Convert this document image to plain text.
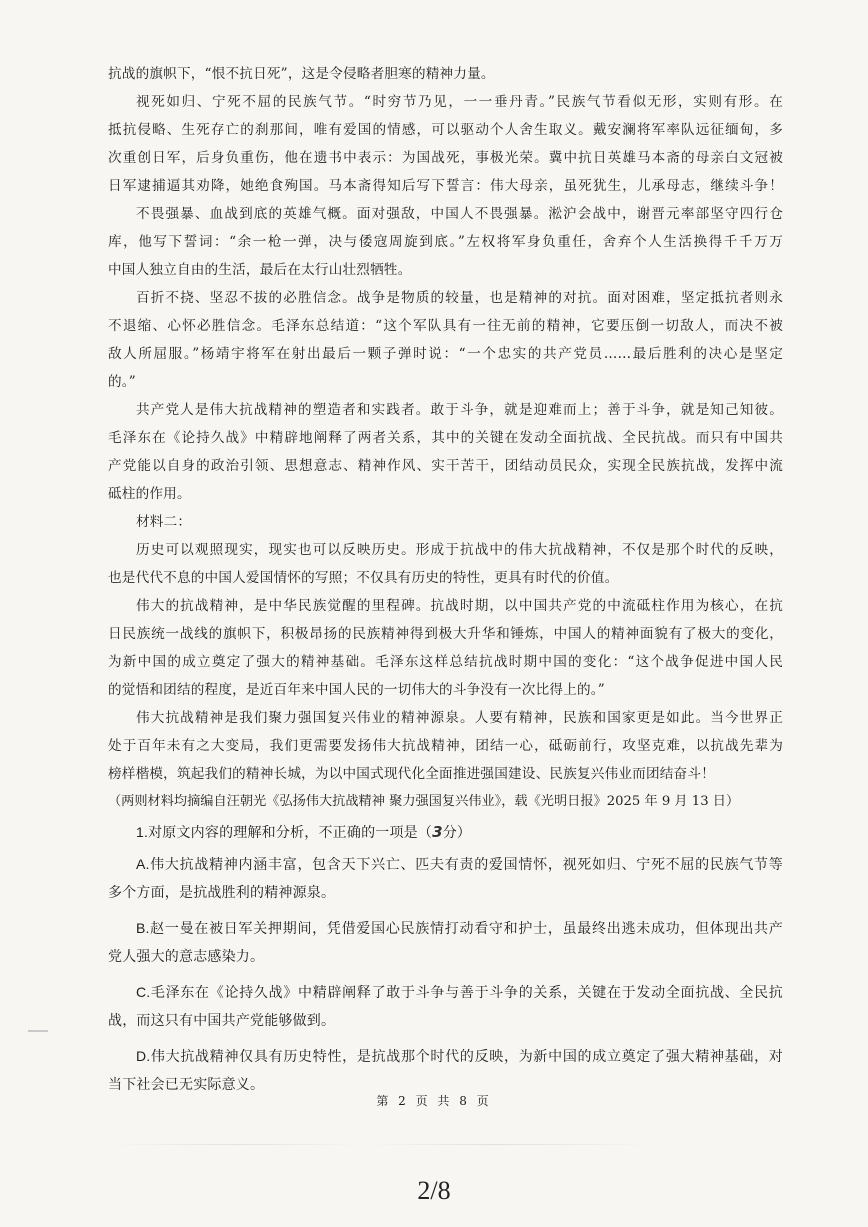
抗战的旗帜下，“恨不抗日死”，这是令侵略者胆寒的精神力量。
视死如归、宁死不屈的民族气节。“时穷节乃见，一一垂丹青。”民族气节看似无形，实则有形。在
抵抗侵略、生死存亡的刹那间，唯有爱国的情感，可以驱动个人舍生取义。戴安澜将军率队远征缅甸，多
次重创日军，后身负重伤，他在遗书中表示：为国战死，事极光荣。冀中抗日英雄马本斋的母亲白文冠被
日军逮捕逼其劝降，她绝食殉国。马本斋得知后写下誓言：伟大母亲，虽死犹生，儿承母志，继续斗争！
不畏强暴、血战到底的英雄气概。面对强敌，中国人不畏强暴。淞沪会战中，谢晋元率部坚守四行仓
库，他写下誓词：“余一枪一弹，决与倭寇周旋到底。”左权将军身负重任，舍弃个人生活换得千千万万
中国人独立自由的生活，最后在太行山壮烈牺牲。
百折不挠、坚忍不拔的必胜信念。战争是物质的较量，也是精神的对抗。面对困难，坚定抵抗者则永
不退缩、心怀必胜信念。毛泽东总结道：“这个军队具有一往无前的精神，它要压倒一切敌人，而决不被
敌人所屈服。”杨靖宇将军在射出最后一颗子弹时说：“一个忠实的共产党员……最后胜利的决心是坚定
的。”
共产党人是伟大抗战精神的塑造者和实践者。敢于斗争，就是迎难而上；善于斗争，就是知己知彼。
毛泽东在《论持久战》中精辟地阐释了两者关系，其中的关键在发动全面抗战、全民抗战。而只有中国共
产党能以自身的政治引领、思想意志、精神作风、实干苦干，团结动员民众，实现全民族抗战，发挥中流
砥柱的作用。
材料二：
历史可以观照现实，现实也可以反映历史。形成于抗战中的伟大抗战精神，不仅是那个时代的反映，
也是代代不息的中国人爱国情怀的写照；不仅具有历史的特性，更具有时代的价值。
伟大的抗战精神，是中华民族觉醒的里程碑。抗战时期，以中国共产党的中流砥柱作用为核心，在抗
日民族统一战线的旗帜下，积极昂扬的民族精神得到极大升华和锤炼，中国人的精神面貌有了极大的变化，
为新中国的成立奠定了强大的精神基础。毛泽东这样总结抗战时期中国的变化：“这个战争促进中国人民
的觉悟和团结的程度，是近百年来中国人民的一切伟大的斗争没有一次比得上的。”
伟大抗战精神是我们聚力强国复兴伟业的精神源泉。人要有精神，民族和国家更是如此。当今世界正
处于百年未有之大变局，我们更需要发扬伟大抗战精神，团结一心，砥砺前行，攻坚克难，以抗战先辈为
榜样楷模，筑起我们的精神长城，为以中国式现代化全面推进强国建设、民族复兴伟业而团结奋斗！
（两则材料均摘编自汪朝光《弘扬伟大抗战精神 聚力强国复兴伟业》，载《光明日报》2025 年 9 月 13 日）
1.对原文内容的理解和分析，不正确的一项是（3分）
A.伟大抗战精神内涵丰富，包含天下兴亡、匹夫有责的爱国情怀，视死如归、宁死不屈的民族气节等
多个方面，是抗战胜利的精神源泉。
B.赵一曼在被日军关押期间，凭借爱国心民族情打动看守和护士，虽最终出逃未成功，但体现出共产
党人强大的意志感染力。
C.毛泽东在《论持久战》中精辟阐释了敢于斗争与善于斗争的关系，关键在于发动全面抗战、全民抗
战，而这只有中国共产党能够做到。
D.伟大抗战精神仅具有历史特性，是抗战那个时代的反映，为新中国的成立奠定了强大精神基础，对
当下社会已无实际意义。
第 2 页 共 8 页
2/8
